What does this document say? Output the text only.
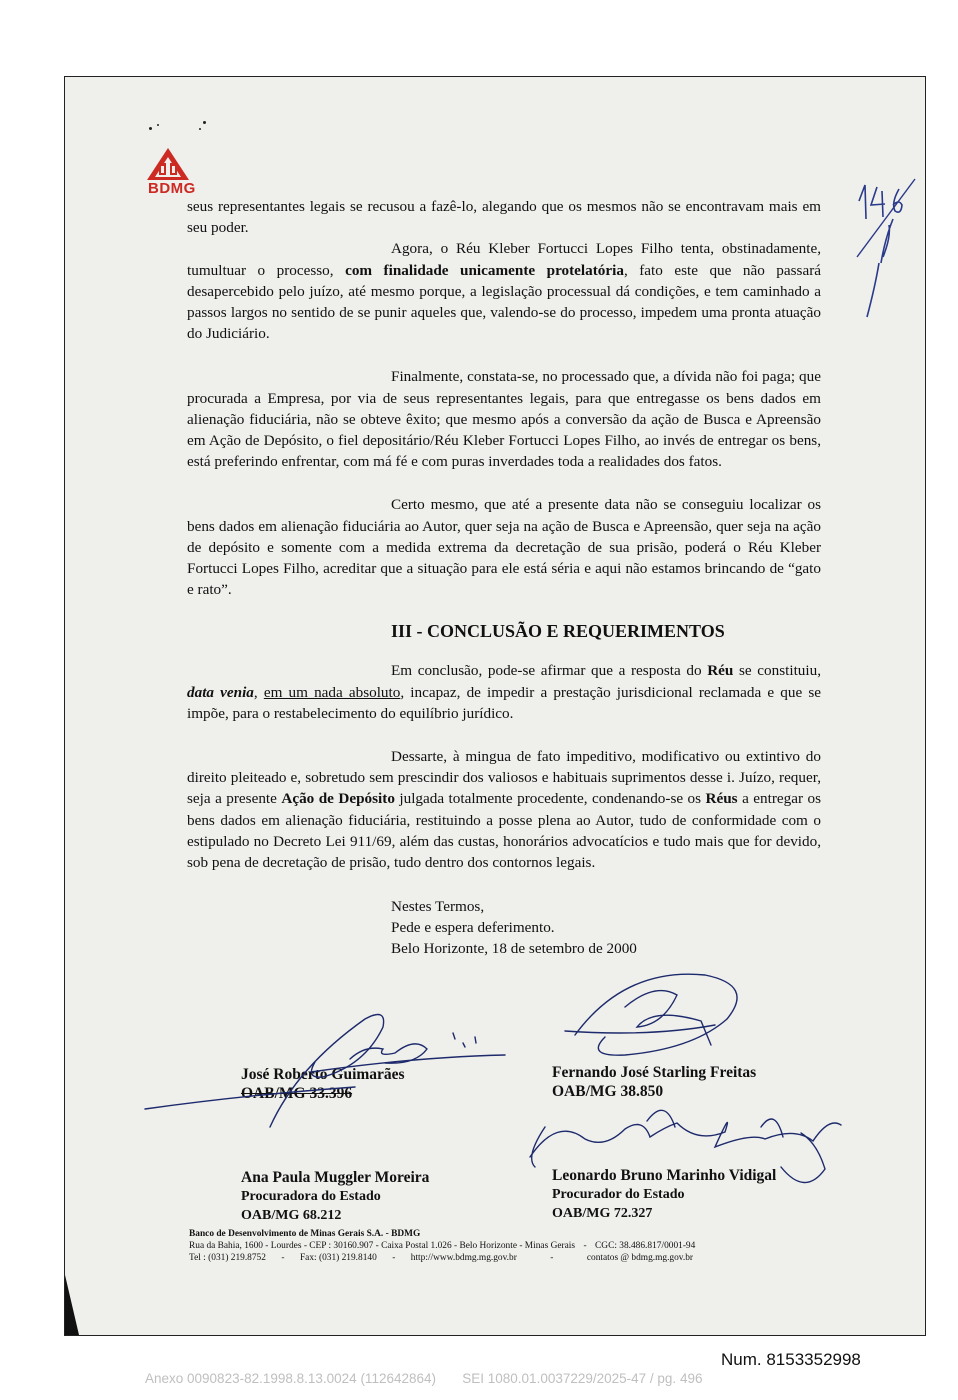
BDMG

seus representantes legais se recusou a fazê-lo, alegando que os mesmos não se encontravam mais em seu poder.

Agora, o Réu Kleber Fortucci Lopes Filho tenta, obstinadamente, tumultuar o processo, com finalidade unicamente protelatória, fato este que não passará desapercebido pelo juízo, até mesmo porque, a legislação processual dá condições, e tem caminhado a passos largos no sentido de se punir aqueles que, valendo-se do processo, impedem uma pronta atuação do Judiciário.

Finalmente, constata-se, no processado que, a dívida não foi paga; que procurada a Empresa, por via de seus representantes legais, para que entregasse os bens dados em alienação fiduciária, não se obteve êxito; que mesmo após a conversão da ação de Busca e Apreensão em Ação de Depósito, o fiel depositário/Réu Kleber Fortucci Lopes Filho, ao invés de entregar os bens, está preferindo enfrentar, com má fé e com puras inverdades toda a realidades dos fatos.

Certo mesmo, que até a presente data não se conseguiu localizar os bens dados em alienação fiduciária ao Autor, quer seja na ação de Busca e Apreensão, quer seja na ação de depósito e somente com a medida extrema da decretação de sua prisão, poderá o Réu Kleber Fortucci Lopes Filho, acreditar que a situação para ele está séria e aqui não estamos brincando de “gato e rato”.

III - CONCLUSÃO E REQUERIMENTOS

Em conclusão, pode-se afirmar que a resposta do Réu se constituiu, data venia, em um nada absoluto, incapaz, de impedir a prestação jurisdicional reclamada e que se impõe, para o restabelecimento do equilíbrio jurídico.

Dessarte, à mingua de fato impeditivo, modificativo ou extintivo do direito pleiteado e, sobretudo sem prescindir dos valiosos e habituais suprimentos desse i. Juízo, requer, seja a presente Ação de Depósito julgada totalmente procedente, condenando-se os Réus a entregar os bens dados em alienação fiduciária, restituindo a posse plena ao Autor, tudo de conformidade com o estipulado no Decreto Lei 911/69, além das custas, honorários advocatícios e tudo mais que for devido, sob pena de decretação de prisão, tudo dentro dos contornos legais.

Nestes Termos,
Pede e espera deferimento.
Belo Horizonte, 18 de setembro de 2000
José Roberto Guimarães
OAB/MG 33.396
Fernando José Starling Freitas
OAB/MG 38.850
Ana Paula Muggler Moreira
Procuradora do Estado
OAB/MG 68.212
Leonardo Bruno Marinho Vidigal
Procurador do Estado
OAB/MG 72.327
Banco de Desenvolvimento de Minas Gerais S.A. - BDMG
Rua da Bahia, 1600 - Lourdes - CEP : 30160.907 - Caixa Postal 1.026 - Belo Horizonte - Minas Gerais - CGC: 38.486.817/0001-94
Tel : (031) 219.8752 - Fax: (031) 219.8140 - http://www.bdmg.mg.gov.br	-	contatos @ bdmg.mg.gov.br
Num. 8153352998
Anexo 0090823-82.1998.8.13.0024 (112642864)       SEI 1080.01.0037229/2025-47 / pg. 496
